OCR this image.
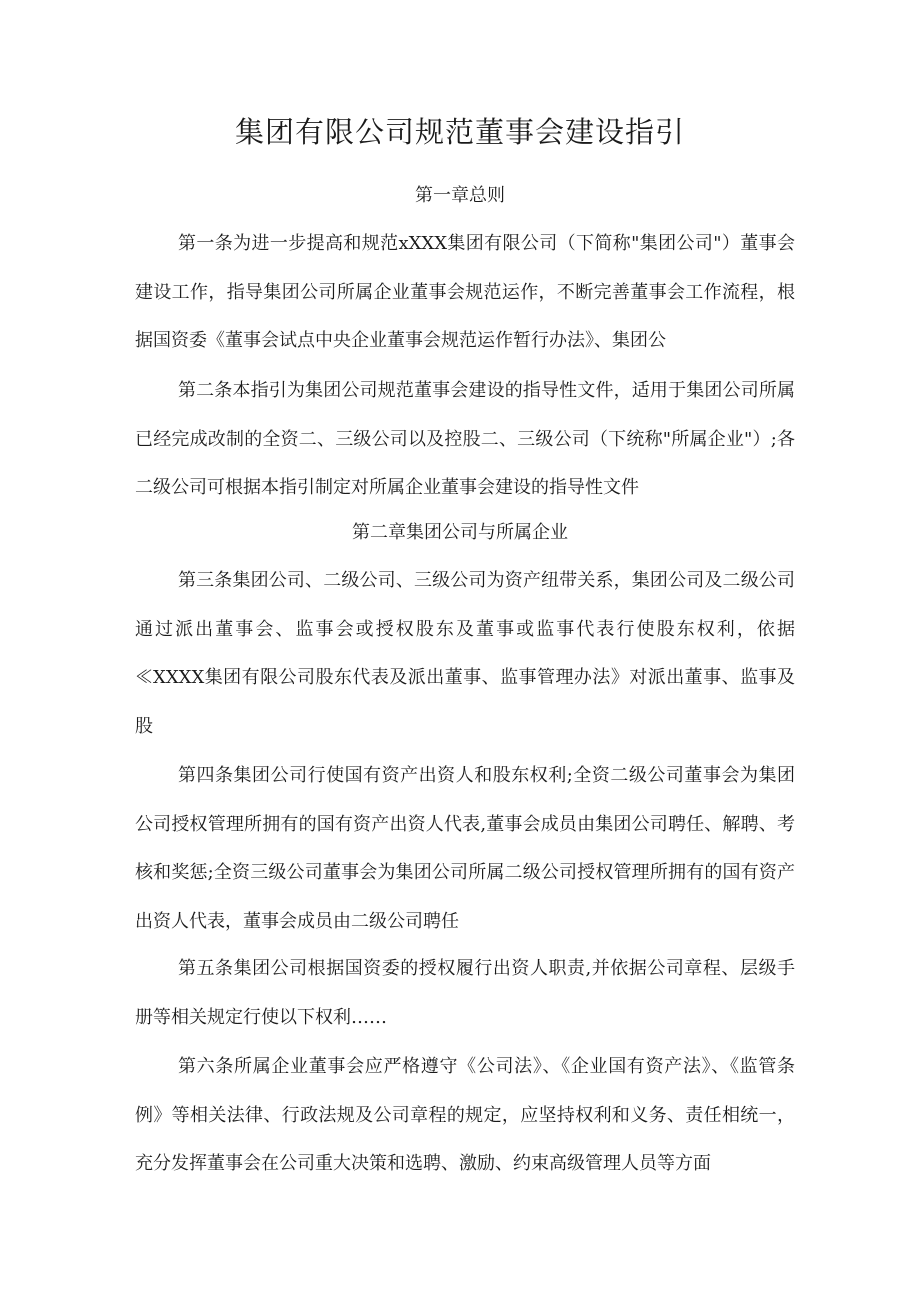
集团有限公司规范董事会建设指引
第一章总则

第一条为进一步提高和规范xXXX集团有限公司（下简称"集团公司"）董事会建设工作，指导集团公司所属企业董事会规范运作，不断完善董事会工作流程，根据国资委《董事会试点中央企业董事会规范运作暂行办法》、集团公

第二条本指引为集团公司规范董事会建设的指导性文件，适用于集团公司所属已经完成改制的全资二、三级公司以及控股二、三级公司（下统称"所属企业"）;各二级公司可根据本指引制定对所属企业董事会建设的指导性文件

第二章集团公司与所属企业

第三条集团公司、二级公司、三级公司为资产纽带关系，集团公司及二级公司通过派出董事会、监事会或授权股东及董事或监事代表行使股东权利，依据≪XXXX集团有限公司股东代表及派出董事、监事管理办法》对派出董事、监事及股

第四条集团公司行使国有资产出资人和股东权利;全资二级公司董事会为集团公司授权管理所拥有的国有资产出资人代表,董事会成员由集团公司聘任、解聘、考核和奖惩;全资三级公司董事会为集团公司所属二级公司授权管理所拥有的国有资产出资人代表，董事会成员由二级公司聘任

第五条集团公司根据国资委的授权履行出资人职责,并依据公司章程、层级手册等相关规定行使以下权利……

第六条所属企业董事会应严格遵守《公司法》、《企业国有资产法》、《监管条例》等相关法律、行政法规及公司章程的规定，应坚持权利和义务、责任相统一，充分发挥董事会在公司重大决策和选聘、激励、约束高级管理人员等方面
